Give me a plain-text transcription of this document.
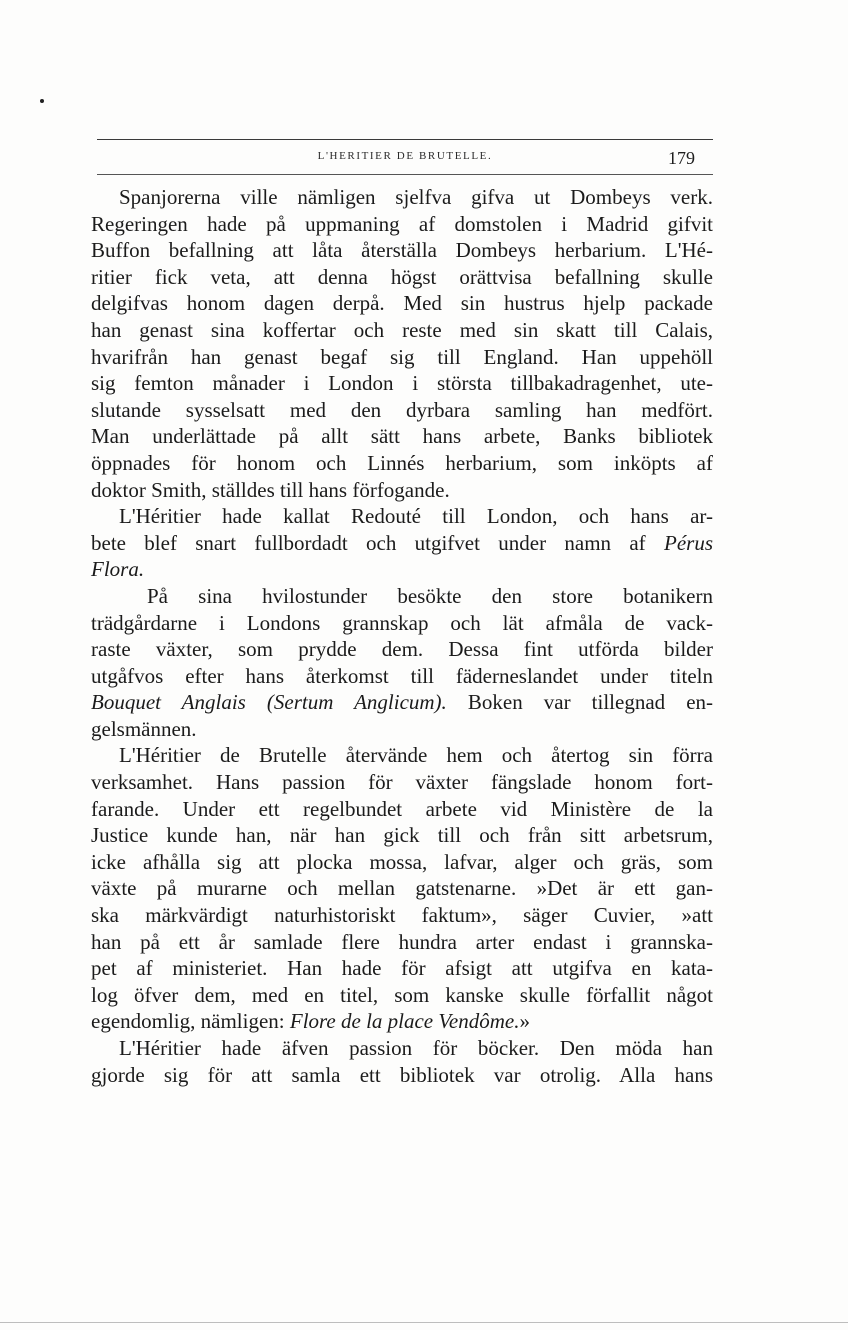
L'HERITIER DE BRUTELLE.	179
Spanjorerna ville nämligen sjelfva gifva ut Dombeys verk.
Regeringen hade på uppmaning af domstolen i Madrid gifvit
Buffon befallning att låta återställa Dombeys herbarium. L'Hé-
ritier fick veta, att denna högst orättvisa befallning skulle
delgifvas honom dagen derpå. Med sin hustrus hjelp packade
han genast sina koffertar och reste med sin skatt till Calais,
hvarifrån han genast begaf sig till England. Han uppehöll
sig femton månader i London i största tillbakadragenhet, ute-
slutande sysselsatt med den dyrbara samling han medfört.
Man underlättade på allt sätt hans arbete, Banks bibliotek
öppnades för honom och Linnés herbarium, som inköpts af
doktor Smith, ställdes till hans förfogande.
L'Héritier hade kallat Redouté till London, och hans ar-
bete blef snart fullbordadt och utgifvet under namn af Pérus
Flora.
På sina hvilostunder besökte den store botanikern
trädgårdarne i Londons grannskap och lät afmåla de vack-
raste växter, som prydde dem. Dessa fint utförda bilder
utgåfvos efter hans återkomst till fäderneslandet under titeln
Bouquet Anglais (Sertum Anglicum). Boken var tillegnad en-
gelsmännen.
L'Héritier de Brutelle återvände hem och återtog sin förra
verksamhet. Hans passion för växter fängslade honom fort-
farande. Under ett regelbundet arbete vid Ministère de la
Justice kunde han, när han gick till och från sitt arbetsrum,
icke afhålla sig att plocka mossa, lafvar, alger och gräs, som
växte på murarne och mellan gatstenarne. »Det är ett gan-
ska märkvärdigt naturhistoriskt faktum», säger Cuvier, »att
han på ett år samlade flere hundra arter endast i grannska-
pet af ministeriet. Han hade för afsigt att utgifva en kata-
log öfver dem, med en titel, som kanske skulle förfallit något
egendomlig, nämligen: Flore de la place Vendôme.»
L'Héritier hade äfven passion för böcker. Den möda han
gjorde sig för att samla ett bibliotek var otrolig. Alla hans
